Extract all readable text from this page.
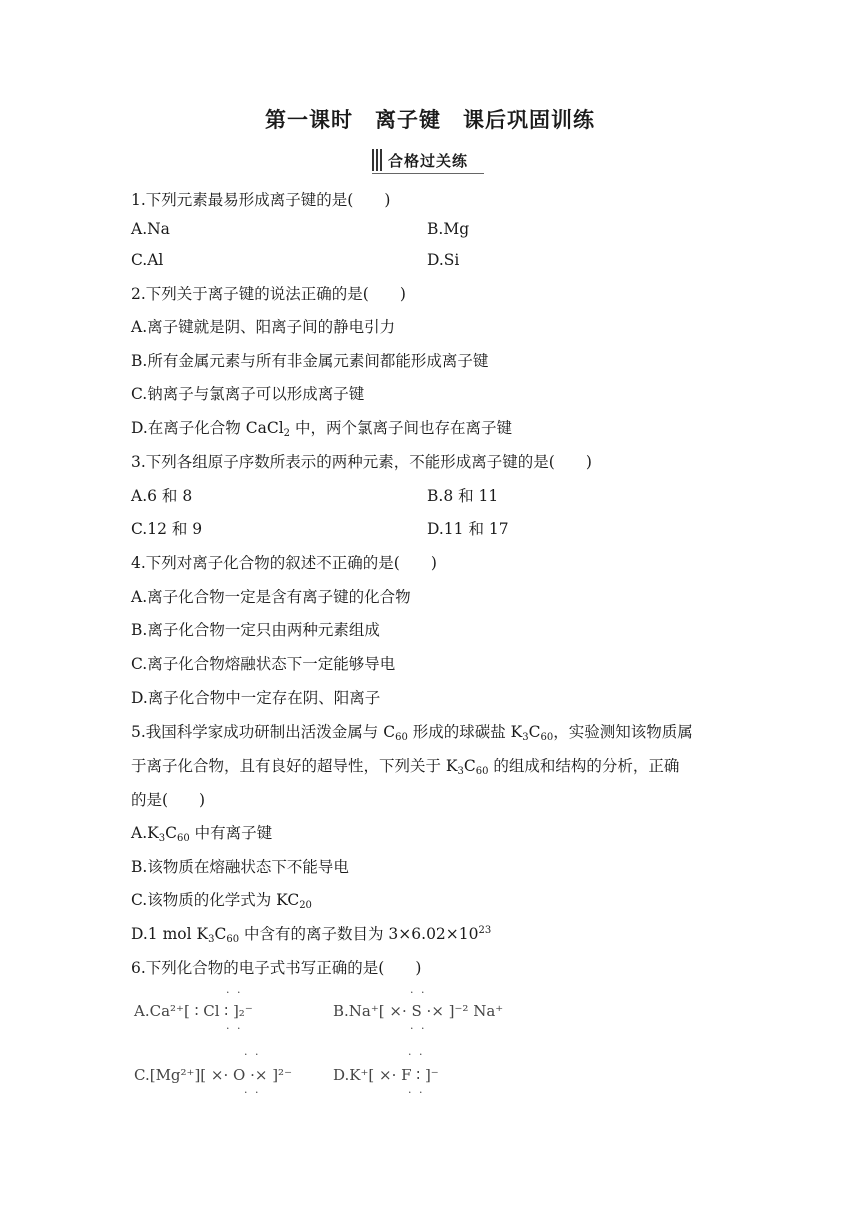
第一课时　离子键　课后巩固训练
合格过关练
1.下列元素最易形成离子键的是(　　)
A.Na	B.Mg
C.Al	D.Si
2.下列关于离子键的说法正确的是(　　)
A.离子键就是阴、阳离子间的静电引力
B.所有金属元素与所有非金属元素间都能形成离子键
C.钠离子与氯离子可以形成离子键
D.在离子化合物 CaCl$_2$ 中，两个氯离子间也存在离子键
3.下列各组原子序数所表示的两种元素，不能形成离子键的是(　　)
A.6 和 8	B.8 和 11
C.12 和 9	D.11 和 17
4.下列对离子化合物的叙述不正确的是(　　)
A.离子化合物一定是含有离子键的化合物
B.离子化合物一定只由两种元素组成
C.离子化合物熔融状态下一定能够导电
D.离子化合物中一定存在阴、阳离子
5.我国科学家成功研制出活泼金属与 $C_{60}$ 形成的球碳盐 $K_3C_{60}$，实验测知该物质属
于离子化合物，且有良好的超导性，下列关于 $K_3C_{60}$ 的组成和结构的分析，正确
的是(　　)
$A.K_3C_{60}$ 中有离子键
B.该物质在熔融状态下不能导电
C.该物质的化学式为 $KC_{20}$
D.1 mol $K_3C_{60}$ 中含有的离子数目为 $3\times 6.02\times 10^{23}$
6.下列化合物的电子式书写正确的是(　　)
· ·
A.Ca²⁺[ ∶ Cl ∶ ]₂⁻
· ·
· ·
B.Na⁺[ ×· S ·× ]⁻² Na⁺
· ·
· ·
C.[Mg²⁺][ ×· O ·× ]²⁻
· ·
· ·
D.K⁺[ ×· F ∶ ]⁻
· ·
